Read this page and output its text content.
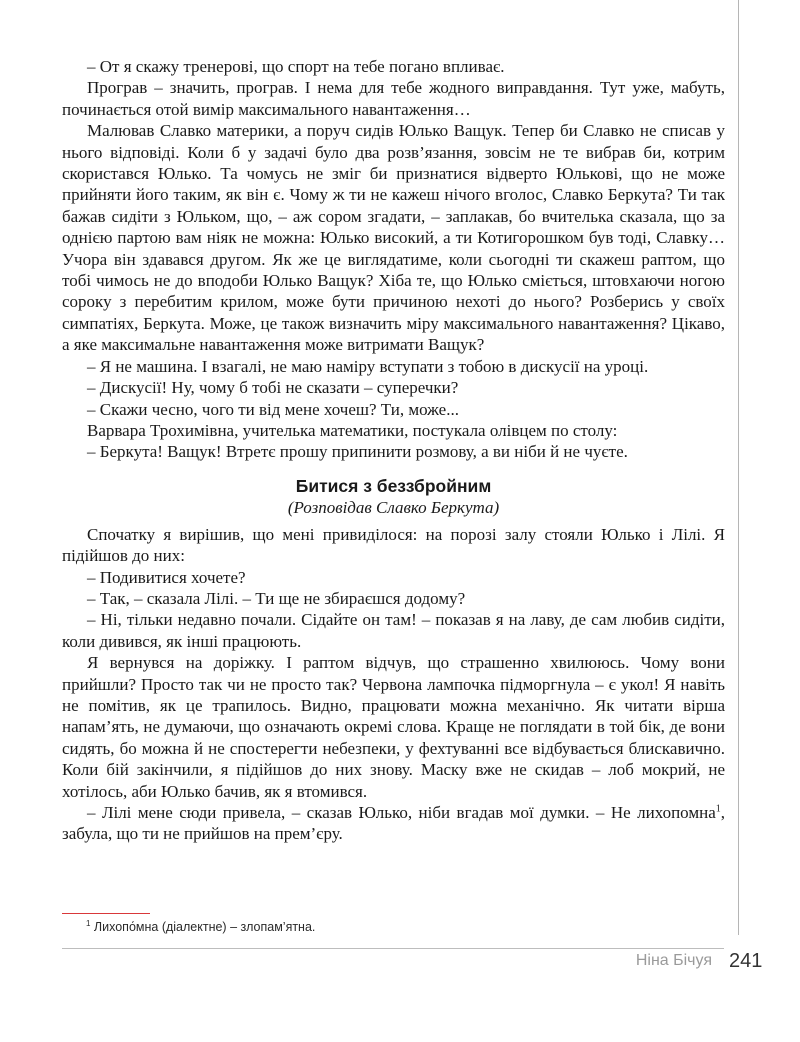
– От я скажу тренерові, що спорт на тебе погано впливає.

Програв – значить, програв. І нема для тебе жодного виправдання. Тут уже, мабуть, починається отой вимір максимального навантаження…

Малював Славко материки, а поруч сидів Юлько Ващук. Тепер би Славко не списав у нього відповіді. Коли б у задачі було два розв’язання, зовсім не те вибрав би, котрим скористався Юлько. Та чомусь не зміг би признатися відверто Юлькові, що не може прийняти його таким, як він є. Чому ж ти не кажеш нічого вголос, Славко Беркута? Ти так бажав сидіти з Юльком, що, – аж сором згадати, – заплакав, бо вчителька сказала, що за однією партою вам ніяк не можна: Юлько високий, а ти Котигорошком був тоді, Славку… Учора він здавався другом. Як же це виглядатиме, коли сьогодні ти скажеш раптом, що тобі чимось не до вподоби Юлько Ващук? Хіба те, що Юлько сміється, штовхаючи ногою сороку з перебитим крилом, може бути причиною нехоті до нього? Розберись у своїх симпатіях, Беркута. Може, це також визначить міру максимального навантаження? Цікаво, а яке максимальне навантаження може витримати Ващук?

– Я не машина. І взагалі, не маю наміру вступати з тобою в дискусії на уроці.

– Дискусії! Ну, чому б тобі не сказати – суперечки?

– Скажи чесно, чого ти від мене хочеш? Ти, може...

Варвара Трохимівна, учителька математики, постукала олівцем по столу:

– Беркута! Ващук! Втретє прошу припинити розмову, а ви ніби й не чуєте.

Битися з беззбройним
(Розповідав Славко Беркута)

Спочатку я вирішив, що мені привиділося: на порозі залу стояли Юлько і Лілі. Я підійшов до них:

– Подивитися хочете?

– Так, – сказала Лілі. – Ти ще не збираєшся додому?

– Ні, тільки недавно почали. Сідайте он там! – показав я на лаву, де сам любив сидіти, коли дивився, як інші працюють.

Я вернувся на доріжку. І раптом відчув, що страшенно хвилююсь. Чому вони прийшли? Просто так чи не просто так? Червона лампочка підморгнула – є укол! Я навіть не помітив, як це трапилось. Видно, працювати можна механічно. Як читати вірша напам’ять, не думаючи, що означають окремі слова. Краще не поглядати в той бік, де вони сидять, бо можна й не спостерегти небезпеки, у фехтуванні все відбувається блискавично. Коли бій закінчили, я підійшов до них знову. Маску вже не скидав – лоб мокрий, не хотілось, аби Юлько бачив, як я втомився.

– Лілі мене сюди привела, – сказав Юлько, ніби вгадав мої думки. – Не лихопомна$^1$, забула, що ти не прийшов на прем’єру.

$^1$ Лихопо́мна (діалектне) – злопам’ятна.
Ніна Бічуя 241
